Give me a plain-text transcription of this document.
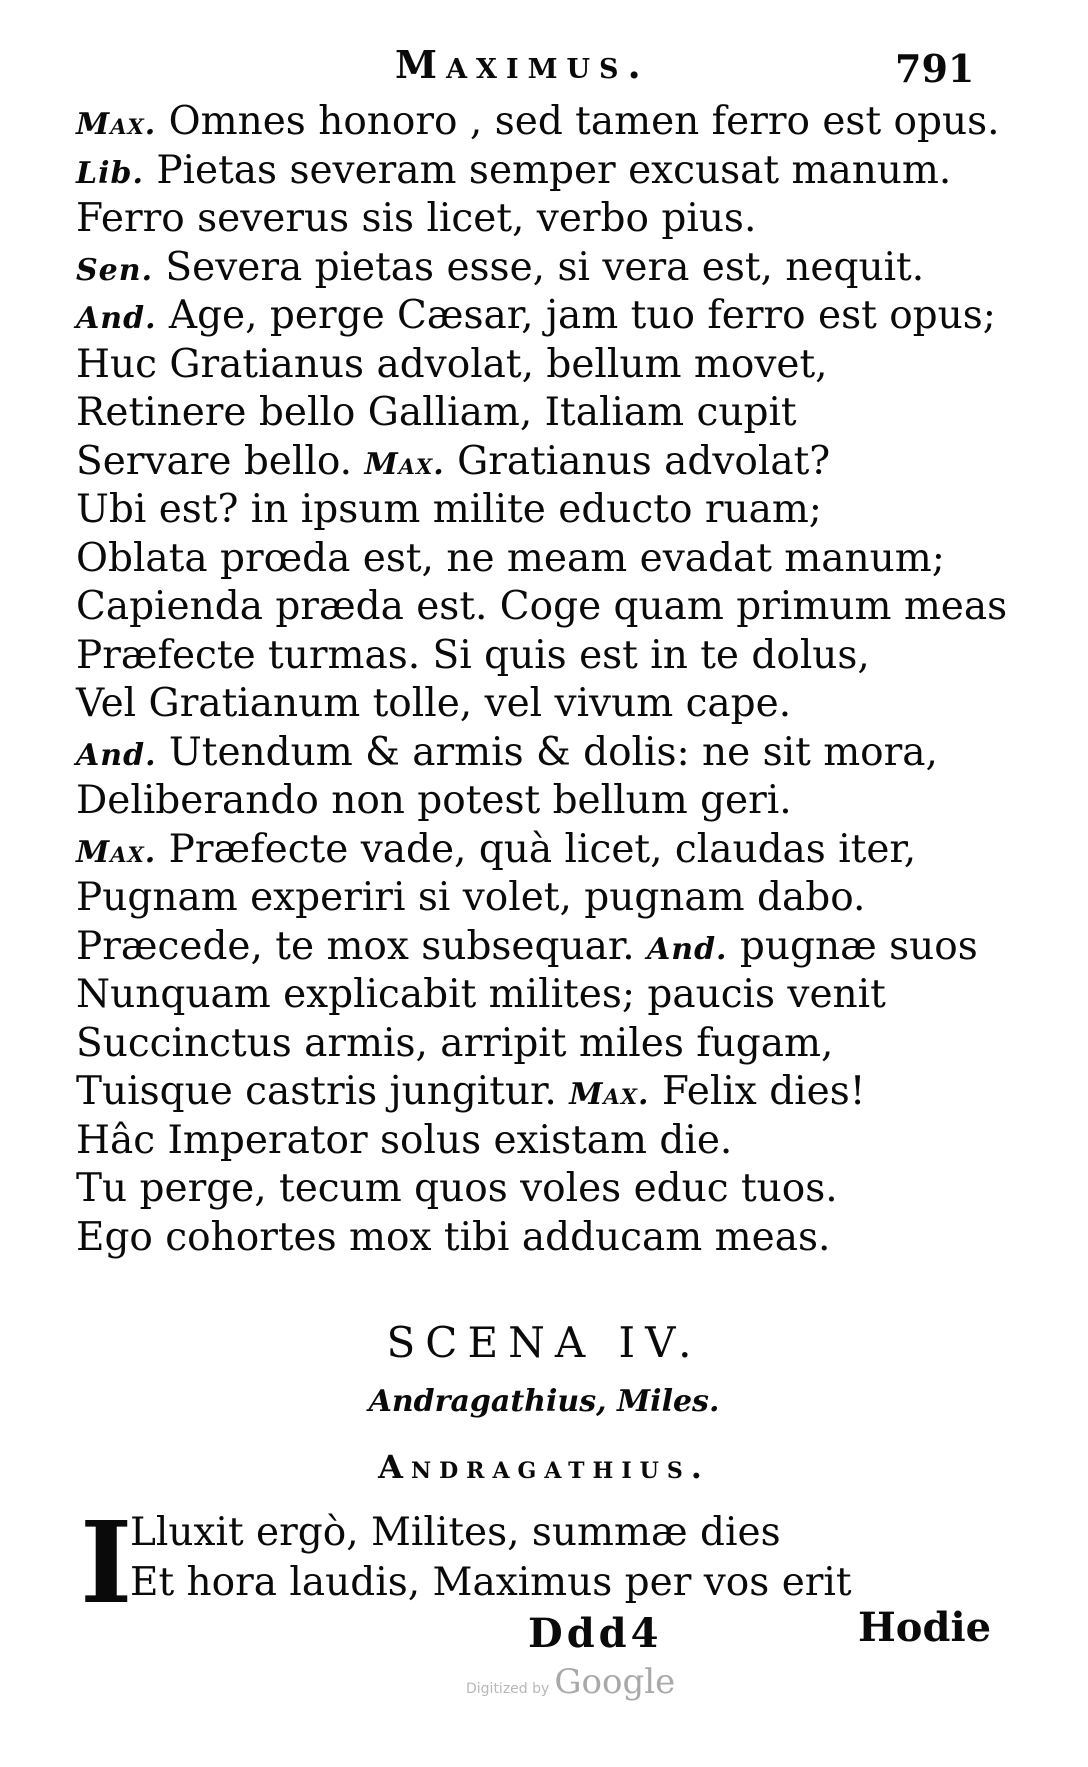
Maximus.	791
Max. Omnes honoro , sed tamen ferro est opus.
Lib. Pietas severam semper excusat manum.
Ferro severus sis licet, verbo pius.
Sen. Severa pietas esse, si vera est, nequit.
And. Age, perge Cæsar, jam tuo ferro est opus;
Huc Gratianus advolat, bellum movet,
Retinere bello Galliam, Italiam cupit
Servare bello. Max. Gratianus advolat?
Ubi est? in ipsum milite educto ruam;
Oblata prœda est, ne meam evadat manum;
Capienda præda est. Coge quam primum meas
Præfecte turmas. Si quis est in te dolus,
Vel Gratianum tolle, vel vivum cape.
And. Utendum & armis & dolis: ne sit mora,
Deliberando non potest bellum geri.
Max. Præfecte vade, quà licet, claudas iter,
Pugnam experiri si volet, pugnam dabo.
Præcede, te mox subsequar. And. pugnæ suos
Nunquam explicabit milites; paucis venit
Succinctus armis, arripit miles fugam,
Tuisque castris jungitur. Max. Felix dies!
Hâc Imperator solus existam die.
Tu perge, tecum quos voles educ tuos.
Ego cohortes mox tibi adducam meas.
SCENA IV.
Andragathius, Miles.
Andragathius.
I
Lluxit ergò, Milites, summæ dies
Et hora laudis, Maximus per vos erit
Ddd4	Hodie
Digitized by Google
